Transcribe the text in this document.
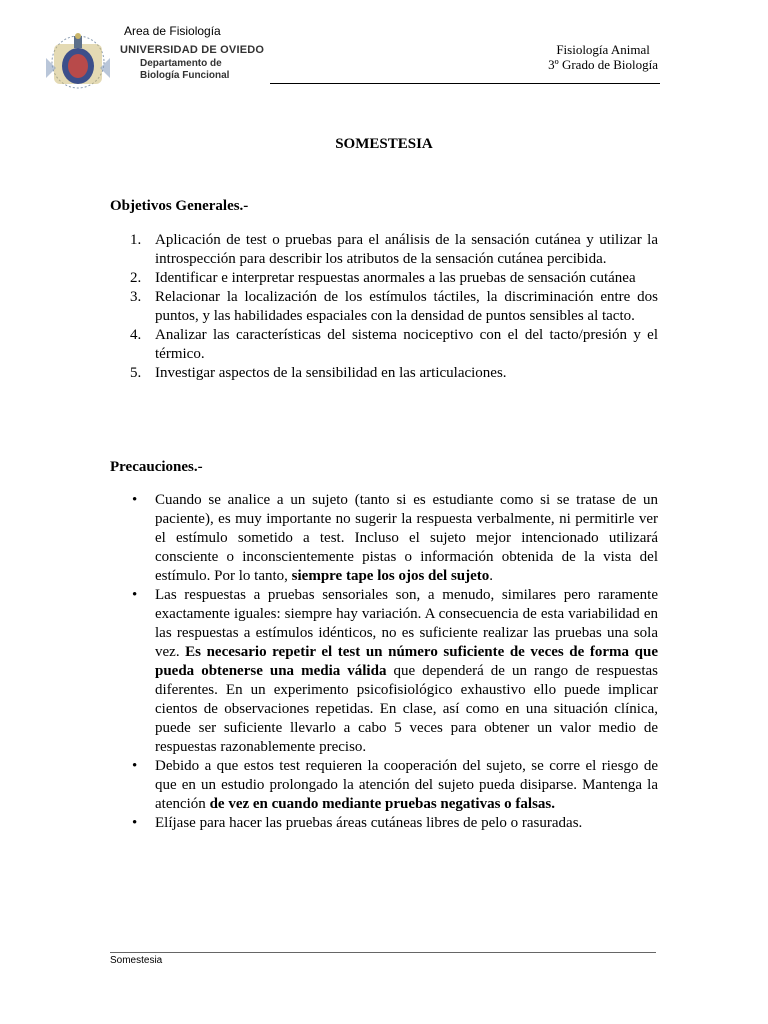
Area de Fisiología
UNIVERSIDAD DE OVIEDO
Departamento de
Biología Funcional
Fisiología Animal
3º Grado de Biología
SOMESTESIA
Objetivos Generales.-
1. Aplicación de test o pruebas para el análisis de la sensación cutánea y utilizar la introspección para describir los atributos de la sensación cutánea percibida.
2. Identificar e interpretar respuestas anormales a las pruebas de sensación cutánea
3. Relacionar la localización de los estímulos táctiles, la discriminación entre dos puntos, y las habilidades espaciales con la densidad de puntos sensibles al tacto.
4. Analizar las características del sistema nociceptivo con el del tacto/presión y el térmico.
5. Investigar aspectos de la sensibilidad en las articulaciones.
Precauciones.-
• Cuando se analice a un sujeto (tanto si es estudiante como si se tratase de un paciente), es muy importante no sugerir la respuesta verbalmente, ni permitirle ver el estímulo sometido a test. Incluso el sujeto mejor intencionado utilizará consciente o inconscientemente pistas o información obtenida de la vista del estímulo. Por lo tanto, siempre tape los ojos del sujeto.
• Las respuestas a pruebas sensoriales son, a menudo, similares pero raramente exactamente iguales: siempre hay variación. A consecuencia de esta variabilidad en las respuestas a estímulos idénticos, no es suficiente realizar las pruebas una sola vez. Es necesario repetir el test un número suficiente de veces de forma que pueda obtenerse una media válida que dependerá de un rango de respuestas diferentes. En un experimento psicofisiológico exhaustivo ello puede implicar cientos de observaciones repetidas. En clase, así como en una situación clínica, puede ser suficiente llevarlo a cabo 5 veces para obtener un valor medio de respuestas razonablemente preciso.
• Debido a que estos test requieren la cooperación del sujeto, se corre el riesgo de que en un estudio prolongado la atención del sujeto pueda disiparse. Mantenga la atención de vez en cuando mediante pruebas negativas o falsas.
• Elíjase para hacer las pruebas áreas cutáneas libres de pelo o rasuradas.
Somestesia
